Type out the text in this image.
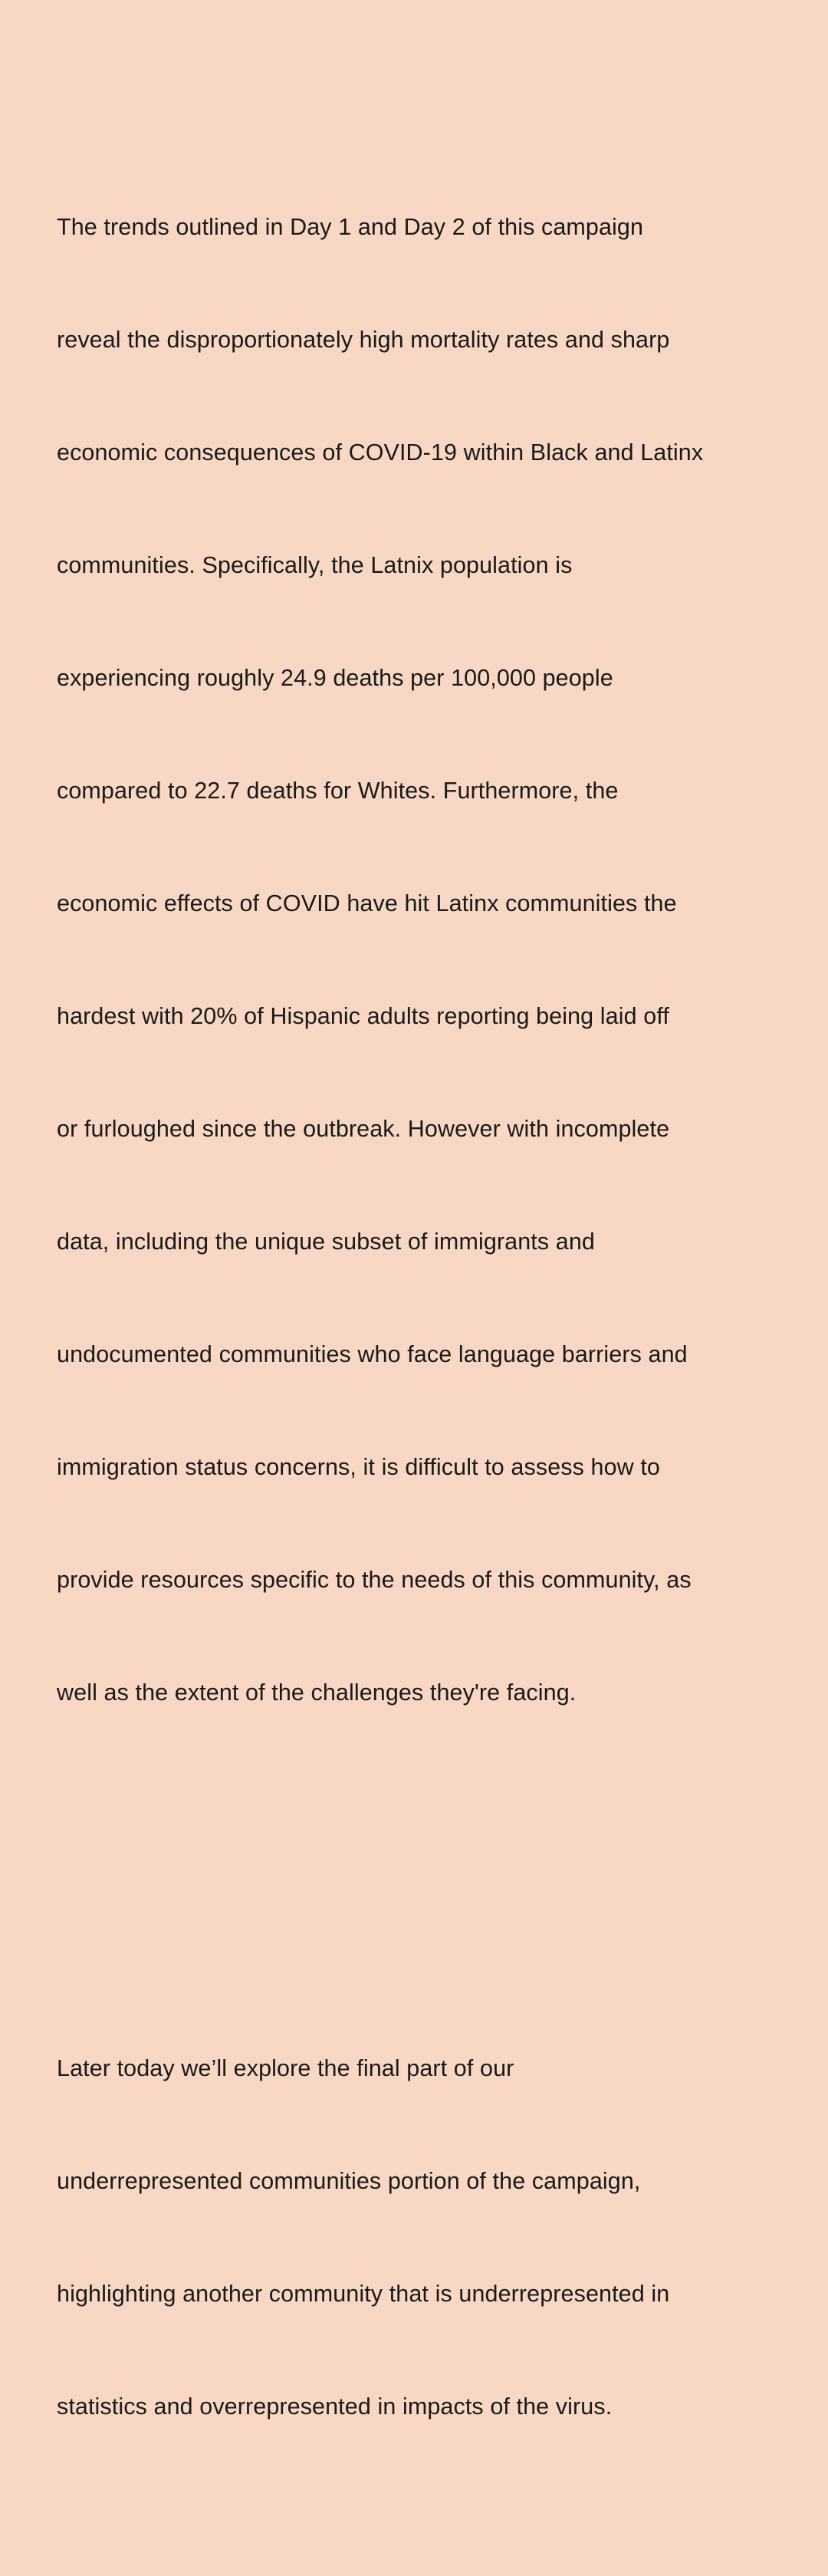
The trends outlined in Day 1 and Day 2 of this campaign

reveal the disproportionately high mortality rates and sharp

economic consequences of COVID-19 within Black and Latinx

communities. Specifically, the Latnix population is

experiencing roughly 24.9 deaths per 100,000 people

compared to 22.7 deaths for Whites. Furthermore, the

economic effects of COVID have hit Latinx communities the

hardest with 20% of Hispanic adults reporting being laid off

or furloughed since the outbreak. However with incomplete

data, including the unique subset of immigrants and

undocumented communities who face language barriers and

immigration status concerns, it is difficult to assess how to

provide resources specific to the needs of this community, as

well as the extent of the challenges they're facing.

Later today we’ll explore the final part of our

underrepresented communities portion of the campaign,

highlighting another community that is underrepresented in

statistics and overrepresented in impacts of the virus.
